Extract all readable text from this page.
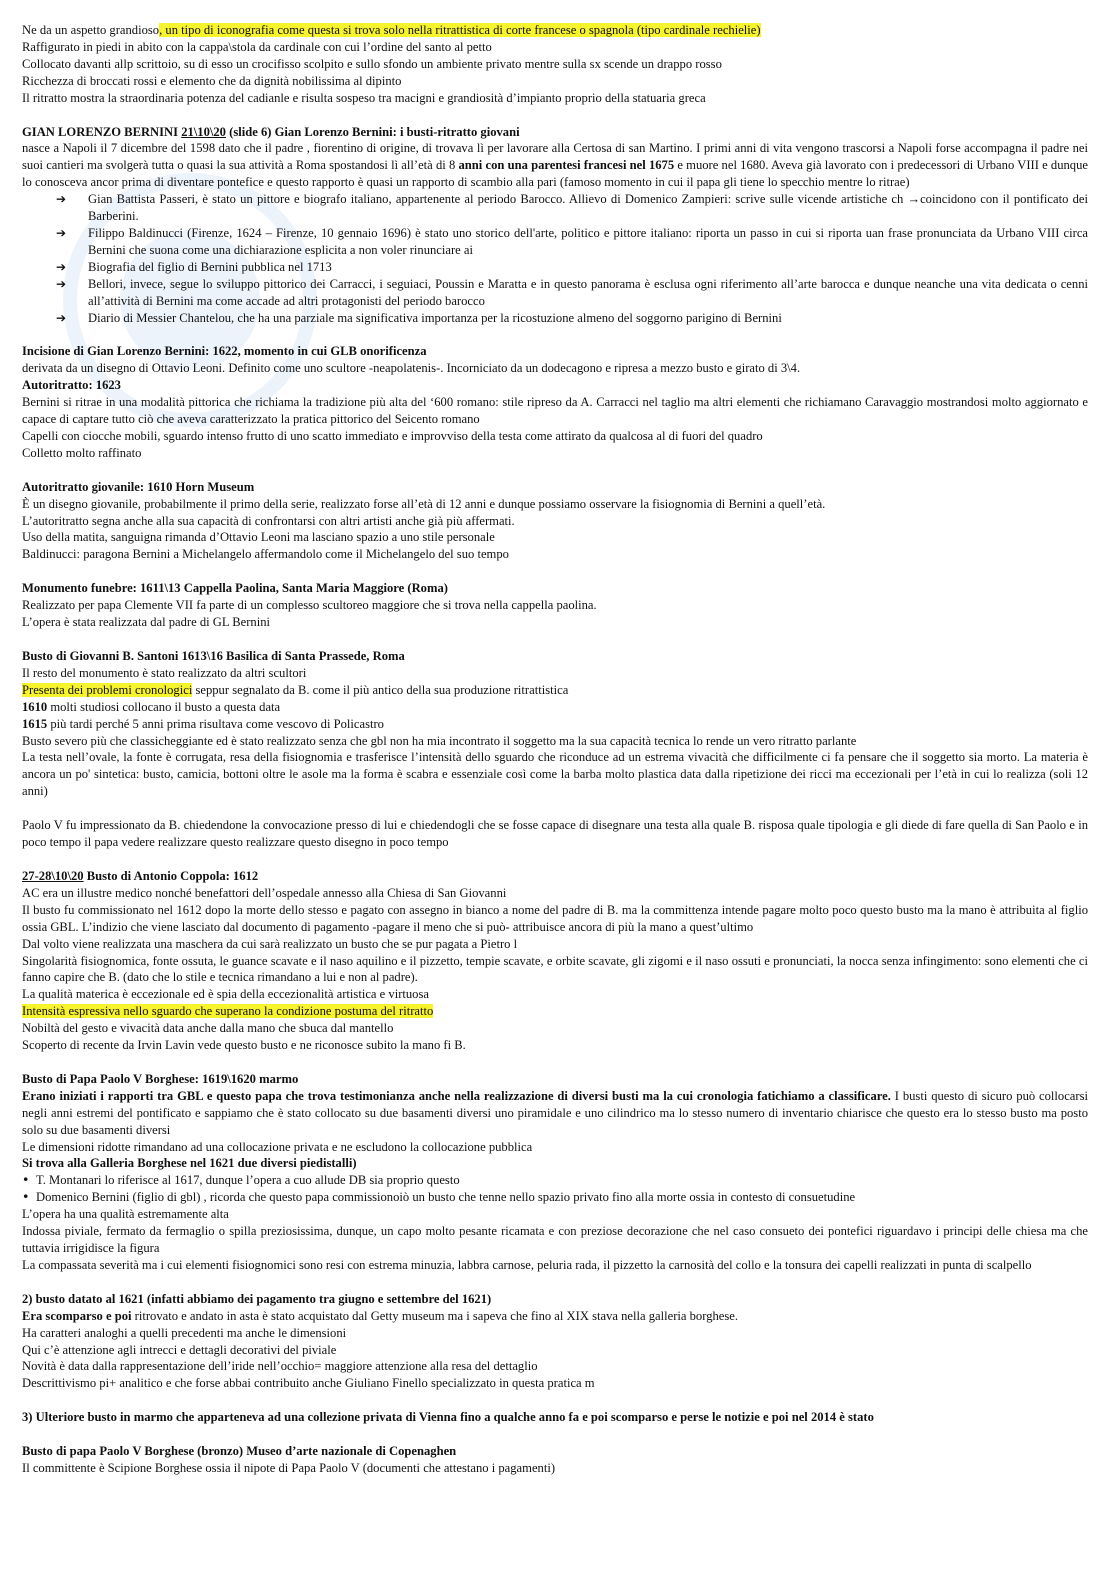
Ne da un aspetto grandioso, un tipo di iconografia come questa si trova solo nella ritrattistica di corte francese o spagnola (tipo cardinale rechielie)

Raffigurato in piedi in abito con la cappa\stola da cardinale con cui l’ordine del santo al petto

Collocato davanti allp scrittoio, su di esso un crocifisso scolpito e sullo sfondo un ambiente privato mentre sulla sx scende un drappo rosso

Ricchezza di broccati rossi e elemento che da dignità nobilissima al dipinto

Il ritratto mostra la straordinaria potenza del cadianle e risulta sospeso tra macigni e grandiosità d’impianto proprio della statuaria greca

GIAN LORENZO BERNINI 21\10\20 (slide 6) Gian Lorenzo Bernini: i busti-ritratto giovani

nasce a Napoli il 7 dicembre del 1598 dato che il padre , fiorentino di origine, di trovava lì per lavorare alla Certosa di san Martino. I primi anni di vita vengono trascorsi a Napoli forse accompagna il padre nei suoi cantieri ma svolgerà tutta o quasi la sua attività a Roma spostandosi lì all’età di 8 anni con una parentesi francesi nel 1675 e muore nel 1680. Aveva già lavorato con i predecessori di Urbano VIII e dunque lo conosceva ancor prima di diventare pontefice e questo rapporto è quasi un rapporto di scambio alla pari (famoso momento in cui il papa gli tiene lo specchio mentre lo ritrae)

➔ Gian Battista Passeri, è stato un pittore e biografo italiano, appartenente al periodo Barocco. Allievo di Domenico Zampieri: scrive sulle vicende artistiche ch →coincidono con il pontificato dei Barberini.
➔ Filippo Baldinucci (Firenze, 1624 – Firenze, 10 gennaio 1696) è stato uno storico dell'arte, politico e pittore italiano: riporta un passo in cui si riporta uan frase pronunciata da Urbano VIII circa Bernini che suona come una dichiarazione esplicita a non voler rinunciare ai
➔ Biografia del figlio di Bernini pubblica nel 1713
➔ Bellori, invece, segue lo sviluppo pittorico dei Carracci, i seguiaci, Poussin e Maratta e in questo panorama è esclusa ogni riferimento all’arte barocca e dunque neanche una vita dedicata o cenni all’attività di Bernini ma come accade ad altri protagonisti del periodo barocco
➔ Diario di Messier Chantelou, che ha una parziale ma significativa importanza per la ricostuzione almeno del soggorno parigino di Bernini

Incisione di Gian Lorenzo Bernini: 1622, momento in cui GLB onorificenza

derivata da un disegno di Ottavio Leoni. Definito come uno scultore -neapolatenis-. Incorniciato da un dodecagono e ripresa a mezzo busto e girato di 3\4.

Autoritratto: 1623

Bernini si ritrae in una modalità pittorica che richiama la tradizione più alta del ‘600 romano: stile ripreso da A. Carracci nel taglio ma altri elementi che richiamano Caravaggio mostrandosi molto aggiornato e capace di captare tutto ciò che aveva caratterizzato la pratica pittorico del Seicento romano

Capelli con ciocche mobili, sguardo intenso frutto di uno scatto immediato e improvviso della testa come attirato da qualcosa al di fuori del quadro

Colletto molto raffinato

Autoritratto giovanile: 1610 Horn Museum

È un disegno giovanile, probabilmente il primo della serie, realizzato forse all’età di 12 anni e dunque possiamo osservare la fisiognomia di Bernini a quell’età.

L’autoritratto segna anche alla sua capacità di confrontarsi con altri artisti anche già più affermati.

Uso della matita, sanguigna rimanda d’Ottavio Leoni ma lasciano spazio a uno stile personale

Baldinucci: paragona Bernini a Michelangelo affermandolo come il Michelangelo del suo tempo

Monumento funebre: 1611\13 Cappella Paolina, Santa Maria Maggiore (Roma)

Realizzato per papa Clemente VII fa parte di un complesso scultoreo maggiore che si trova nella cappella paolina.

L’opera è stata realizzata dal padre di GL Bernini

Busto di Giovanni B. Santoni 1613\16 Basilica di Santa Prassede, Roma

Il resto del monumento è stato realizzato da altri scultori

Presenta dei problemi cronologici seppur segnalato da B. come il più antico della sua produzione ritrattistica

1610 molti studiosi collocano il busto a questa data

1615 più tardi perché 5 anni prima risultava come vescovo di Policastro

Busto severo più che classicheggiante ed è stato realizzato senza che gbl non ha mia incontrato il soggetto ma la sua capacità tecnica lo rende un vero ritratto parlante

La testa nell’ovale, la fonte è corrugata, resa della fisiognomia e trasferisce l’intensità dello sguardo che riconduce ad un estrema vivacità che difficilmente ci fa pensare che il soggetto sia morto. La materia è ancora un po' sintetica: busto, camicia, bottoni oltre le asole ma la forma è scabra e essenziale così come la barba molto plastica data dalla ripetizione dei ricci ma eccezionali per l’età in cui lo realizza (soli 12 anni)

Paolo V fu impressionato da B. chiedendone la convocazione presso di lui e chiedendogli che se fosse capace di disegnare una testa alla quale B. risposa quale tipologia e gli diede di fare quella di San Paolo e in poco tempo il papa vedere realizzare questo realizzare questo disegno in poco tempo

27-28\10\20 Busto di Antonio Coppola: 1612

AC era un illustre medico nonché benefattori dell’ospedale annesso alla Chiesa di San Giovanni

Il busto fu commissionato nel 1612 dopo la morte dello stesso e pagato con assegno in bianco a nome del padre di B. ma la committenza intende pagare molto poco questo busto ma la mano è attribuita al figlio ossia GBL. L’indizio che viene lasciato dal documento di pagamento -pagare il meno che si può- attribuisce ancora di più la mano a quest’ultimo

Dal volto viene realizzata una maschera da cui sarà realizzato un busto che se pur pagata a Pietro l

Singolarità fisiognomica, fonte ossuta, le guance scavate e il naso aquilino e il pizzetto, tempie scavate, e orbite scavate, gli zigomi e il naso ossuti e pronunciati, la nocca senza infingimento: sono elementi che ci fanno capire che B. (dato che lo stile e tecnica rimandano a lui e non al padre).

La qualità materica è eccezionale ed è spia della eccezionalità artistica e virtuosa

Intensità espressiva nello sguardo che superano la condizione postuma del ritratto

Nobiltà del gesto e vivacità data anche dalla mano che sbuca dal mantello

Scoperto di recente da Irvin Lavin vede questo busto e ne riconosce subito la mano fi B.

Busto di Papa Paolo V Borghese: 1619\1620 marmo

Erano iniziati i rapporti tra GBL e questo papa che trova testimonianza anche nella realizzazione di diversi busti ma la cui cronologia fatichiamo a classificare. I busti questo di sicuro può collocarsi negli anni estremi del pontificato e sappiamo che è stato collocato su due basamenti diversi uno piramidale e uno cilindrico ma lo stesso numero di inventario chiarisce che questo era lo stesso busto ma posto solo su due basamenti diversi

Le dimensioni ridotte rimandano ad una collocazione privata e ne escludono la collocazione pubblica

Si trova alla Galleria Borghese nel 1621 due diversi piedistalli)

• T. Montanari lo riferisce al 1617, dunque l’opera a cuo allude DB sia proprio questo
• Domenico Bernini (figlio di gbl) , ricorda che questo papa commissionoiò un busto che tenne nello spazio privato fino alla morte ossia in contesto di consuetudine

L’opera ha una qualità estremamente alta

Indossa piviale, fermato da fermaglio o spilla preziosissima, dunque, un capo molto pesante ricamata e con preziose decorazione che nel caso consueto dei pontefici riguardavo i principi delle chiesa ma che tuttavia irrigidisce la figura

La compassata severità ma i cui elementi fisiognomici sono resi con estrema minuzia, labbra carnose, peluria rada, il pizzetto la carnosità del collo e la tonsura dei capelli realizzati in punta di scalpello

2) busto datato al 1621 (infatti abbiamo dei pagamento tra giugno e settembre del 1621)

Era scomparso e poi ritrovato e andato in asta è stato acquistato dal Getty museum ma i sapeva che fino al XIX stava nella galleria borghese.

Ha caratteri analoghi a quelli precedenti ma anche le dimensioni

Qui c’è attenzione agli intrecci e dettagli decorativi del piviale

Novità è data dalla rappresentazione dell’iride nell’occhio= maggiore attenzione alla resa del dettaglio

Descrittivismo pi+ analitico e che forse abbai contribuito anche Giuliano Finello specializzato in questa pratica m

3) Ulteriore busto in marmo che apparteneva ad una collezione privata di Vienna fino a qualche anno fa e poi scomparso e perse le notizie e poi nel 2014 è stato

Busto di papa Paolo V Borghese (bronzo) Museo d’arte nazionale di Copenaghen

Il committente è Scipione Borghese ossia il nipote di Papa Paolo V (documenti che attestano i pagamenti)
